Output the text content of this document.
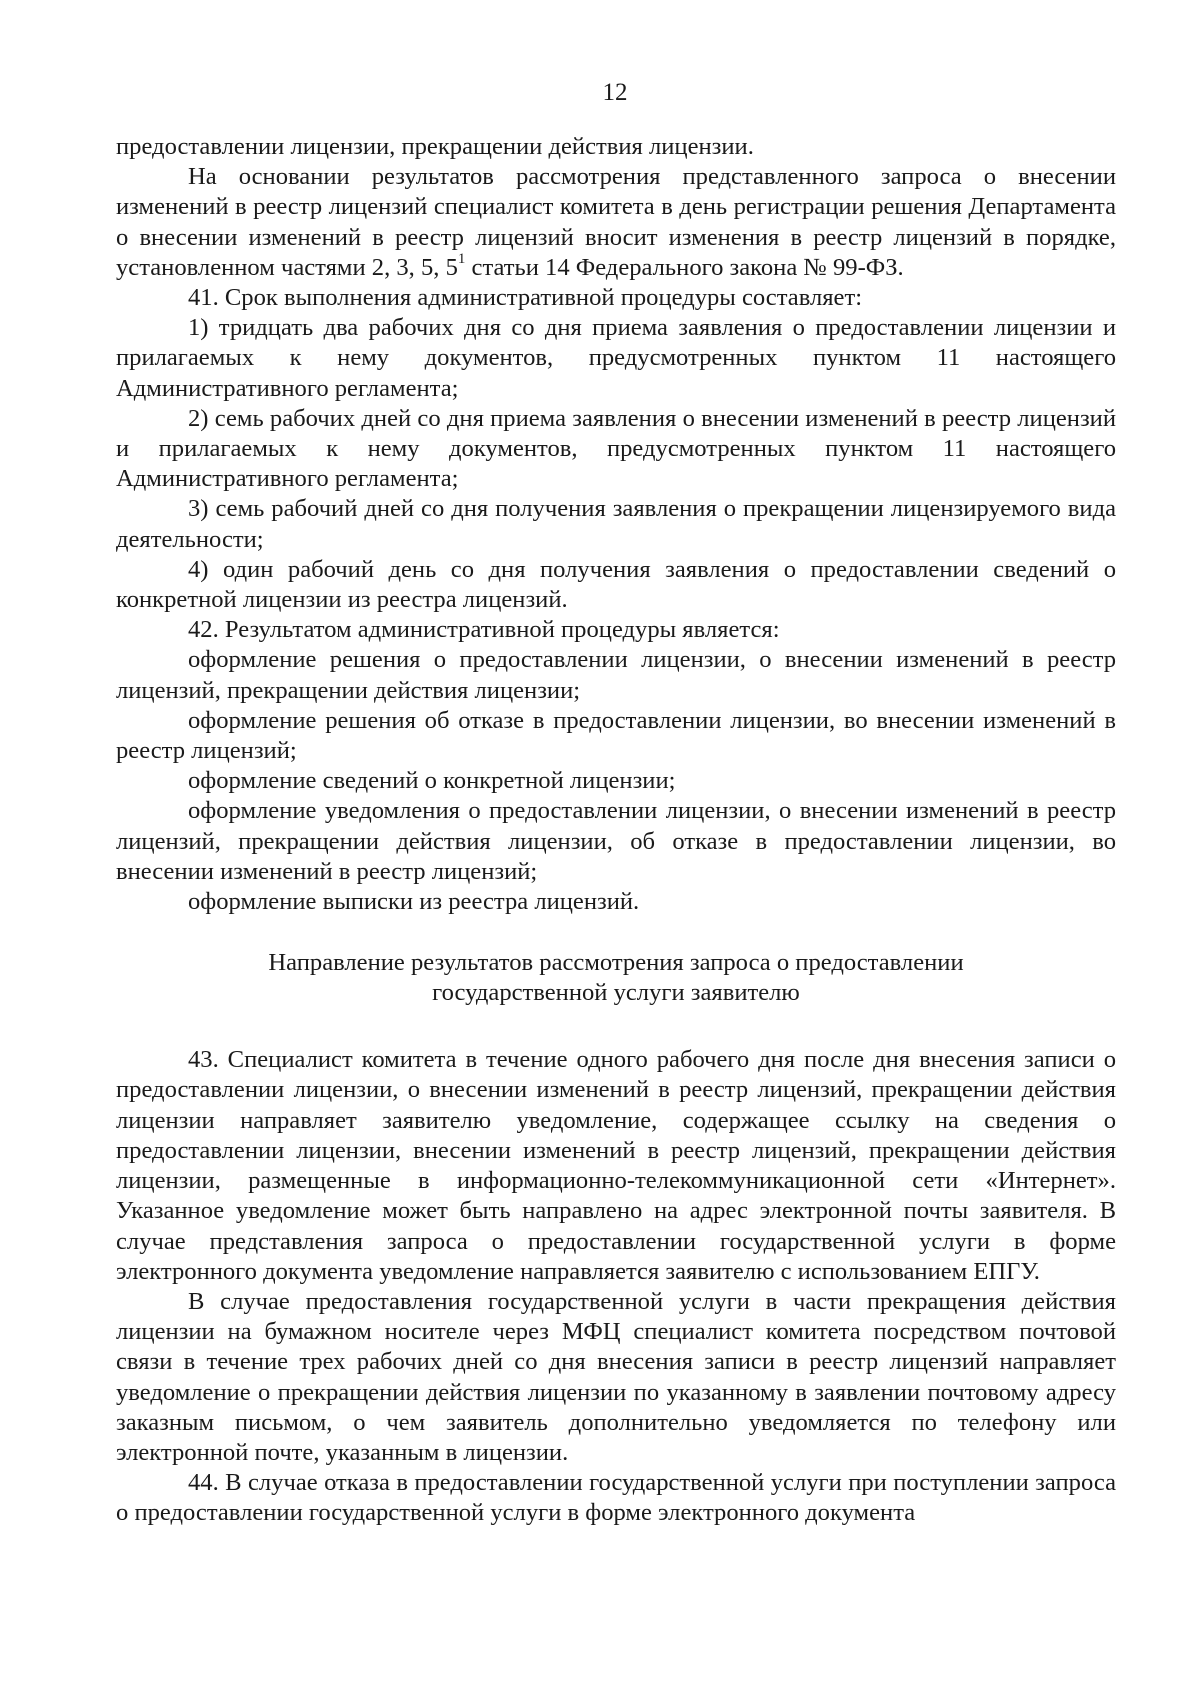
12

предоставлении лицензии, прекращении действия лицензии.

На основании результатов рассмотрения представленного запроса о внесении изменений в реестр лицензий специалист комитета в день регистрации решения Департамента о внесении изменений в реестр лицензий вносит изменения в реестр лицензий в порядке, установленном частями 2, 3, 5, $5^1$ статьи 14 Федерального закона № 99-ФЗ.

41. Срок выполнения административной процедуры составляет:

1) тридцать два рабочих дня со дня приема заявления о предоставлении лицензии и прилагаемых к нему документов, предусмотренных пунктом 11 настоящего Административного регламента;

2) семь рабочих дней со дня приема заявления о внесении изменений в реестр лицензий и прилагаемых к нему документов, предусмотренных пунктом 11 настоящего Административного регламента;

3) семь рабочий дней со дня получения заявления о прекращении лицензируемого вида деятельности;

4) один рабочий день со дня получения заявления о предоставлении сведений о конкретной лицензии из реестра лицензий.

42. Результатом административной процедуры является:

оформление решения о предоставлении лицензии, о внесении изменений в реестр лицензий, прекращении действия лицензии;

оформление решения об отказе в предоставлении лицензии, во внесении изменений в реестр лицензий;

оформление сведений о конкретной лицензии;

оформление уведомления о предоставлении лицензии, о внесении изменений в реестр лицензий, прекращении действия лицензии, об отказе в предоставлении лицензии, во внесении изменений в реестр лицензий;

оформление выписки из реестра лицензий.

Направление результатов рассмотрения запроса о предоставлении
государственной услуги заявителю

43. Специалист комитета в течение одного рабочего дня после дня внесения записи о предоставлении лицензии, о внесении изменений в реестр лицензий, прекращении действия лицензии направляет заявителю уведомление, содержащее ссылку на сведения о предоставлении лицензии, внесении изменений в реестр лицензий, прекращении действия лицензии, размещенные в информационно-телекоммуникационной сети «Интернет». Указанное уведомление может быть направлено на адрес электронной почты заявителя. В случае представления запроса о предоставлении государственной услуги в форме электронного документа уведомление направляется заявителю с использованием ЕПГУ.

В случае предоставления государственной услуги в части прекращения действия лицензии на бумажном носителе через МФЦ специалист комитета посредством почтовой связи в течение трех рабочих дней со дня внесения записи в реестр лицензий направляет уведомление о прекращении действия лицензии по указанному в заявлении почтовому адресу заказным письмом, о чем заявитель дополнительно уведомляется по телефону или электронной почте, указанным в лицензии.

44. В случае отказа в предоставлении государственной услуги при поступлении запроса о предоставлении государственной услуги в форме электронного документа
